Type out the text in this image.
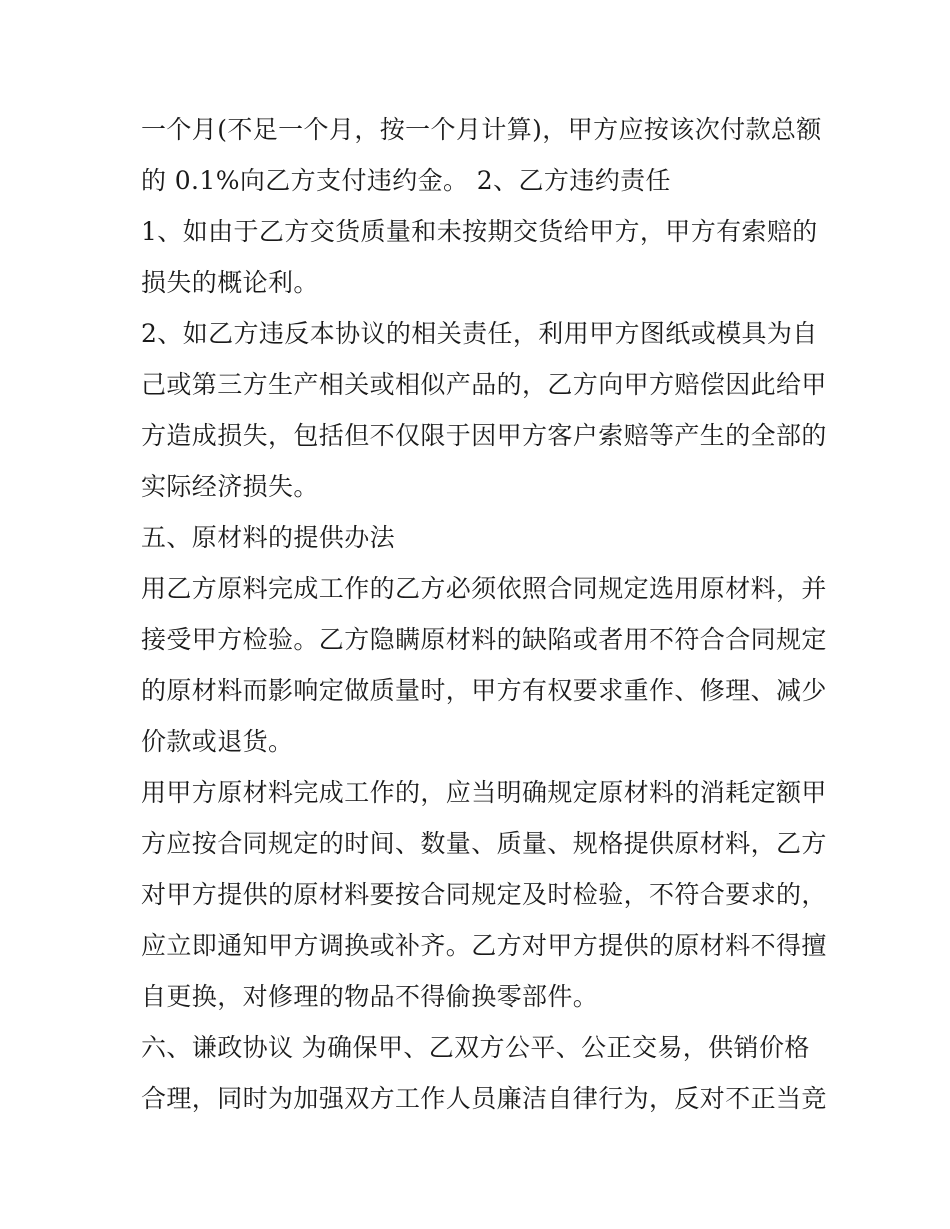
一个月(不足一个月，按一个月计算)，甲方应按该次付款总额
的 0.1%向乙方支付违约金。 2、乙方违约责任
1、如由于乙方交货质量和未按期交货给甲方，甲方有索赔的
损失的概论利。
2、如乙方违反本协议的相关责任，利用甲方图纸或模具为自
己或第三方生产相关或相似产品的，乙方向甲方赔偿因此给甲
方造成损失，包括但不仅限于因甲方客户索赔等产生的全部的
实际经济损失。
五、原材料的提供办法
用乙方原料完成工作的乙方必须依照合同规定选用原材料，并
接受甲方检验。乙方隐瞒原材料的缺陷或者用不符合合同规定
的原材料而影响定做质量时，甲方有权要求重作、修理、减少
价款或退货。
用甲方原材料完成工作的，应当明确规定原材料的消耗定额甲
方应按合同规定的时间、数量、质量、规格提供原材料，乙方
对甲方提供的原材料要按合同规定及时检验，不符合要求的，
应立即通知甲方调换或补齐。乙方对甲方提供的原材料不得擅
自更换，对修理的物品不得偷换零部件。
六、谦政协议 为确保甲、乙双方公平、公正交易，供销价格
合理，同时为加强双方工作人员廉洁自律行为，反对不正当竞
